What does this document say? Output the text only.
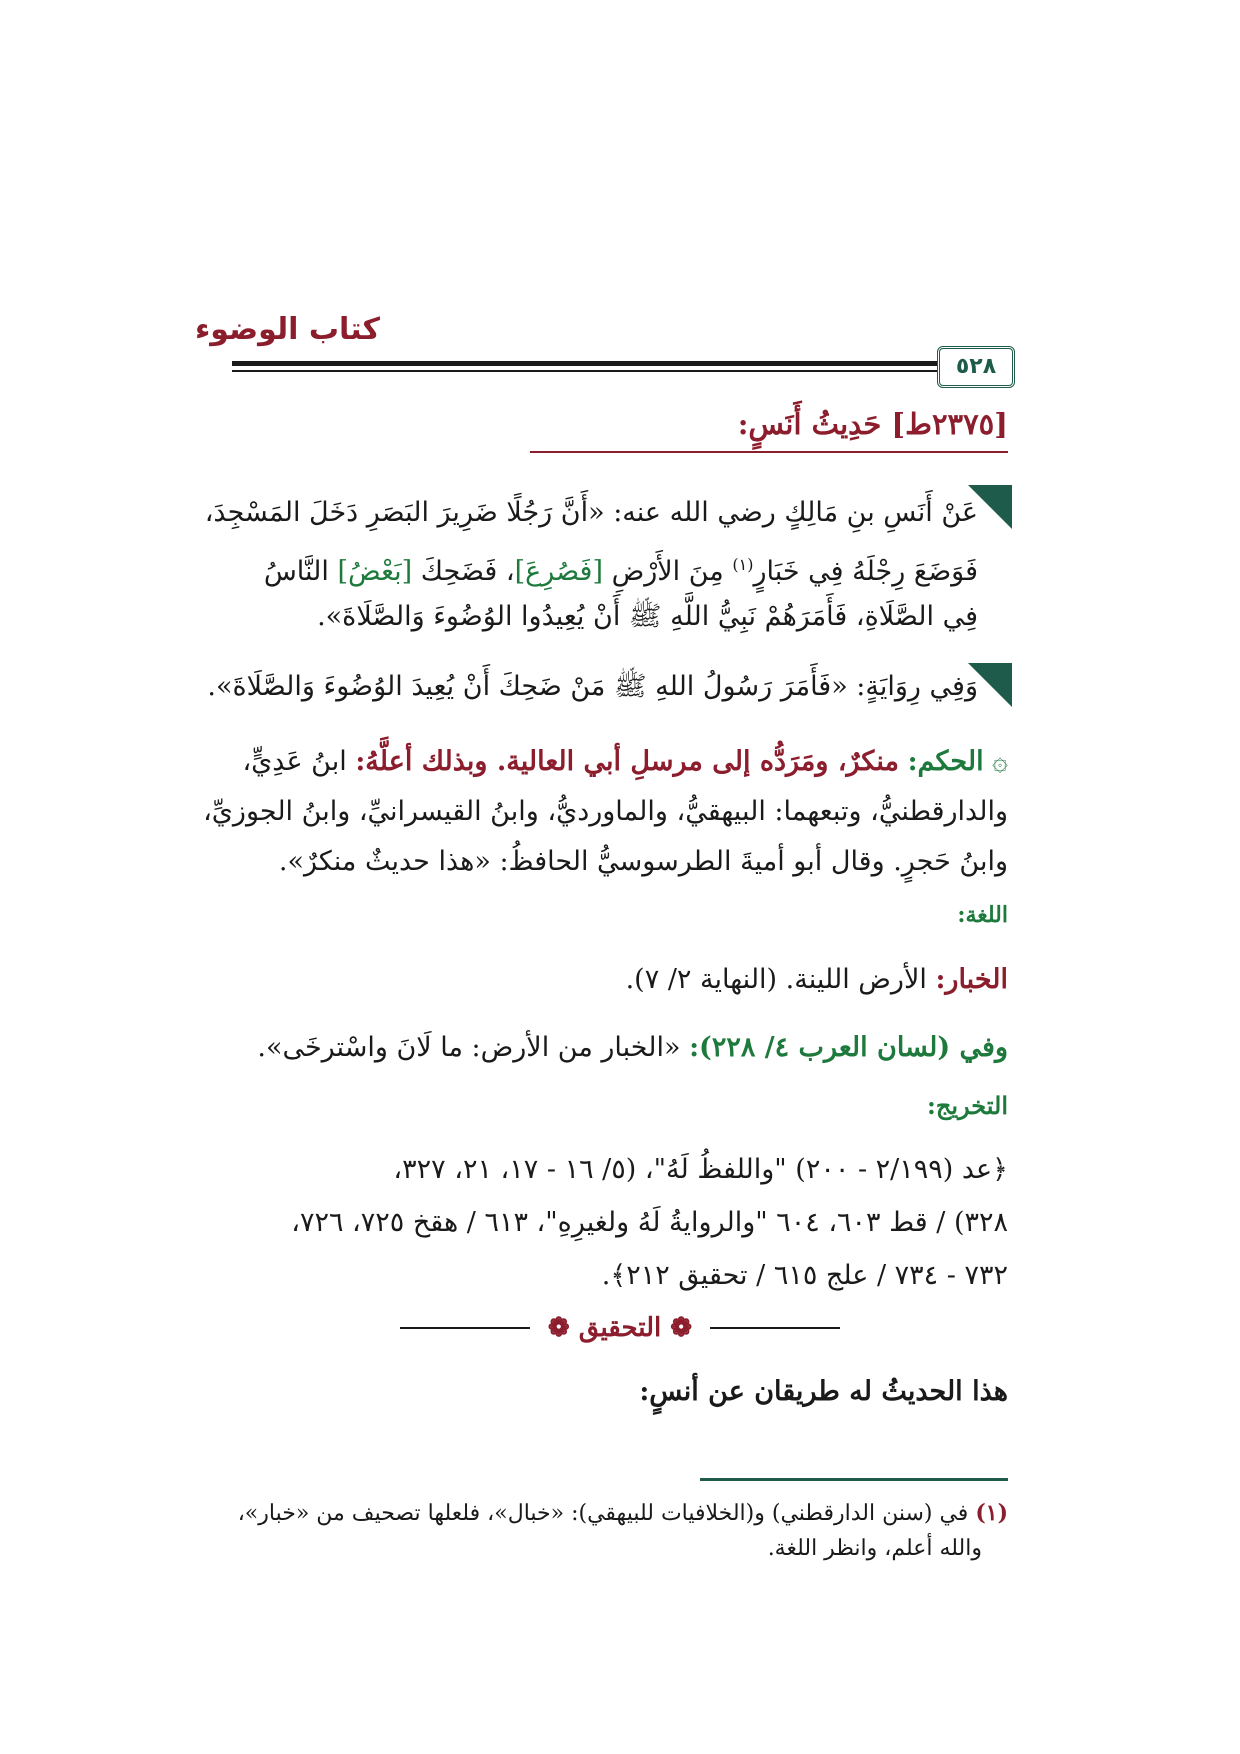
كتاب الوضوء
٥٢٨
[٢٣٧٥ط] حَدِيثُ أَنَسٍ:
عَنْ أَنَسِ بنِ مَالِكٍ رضي الله عنه: «أَنَّ رَجُلًا ضَرِيرَ البَصَرِ دَخَلَ المَسْجِدَ،
فَوَضَعَ رِجْلَهُ فِي خَبَارٍ$^{(١)}$ مِنَ الأَرْضِ [فَصُرِعَ]، فَضَحِكَ [بَعْضُ] النَّاسُ
فِي الصَّلَاةِ، فَأَمَرَهُمْ نَبِيُّ اللَّهِ ﷺ أَنْ يُعِيدُوا الوُضُوءَ وَالصَّلَاةَ».
وَفِي رِوَايَةٍ: «فَأَمَرَ رَسُولُ اللهِ ﷺ مَنْ ضَحِكَ أَنْ يُعِيدَ الوُضُوءَ وَالصَّلَاةَ».
۞ الحكم: منكرٌ، ومَرَدُّه إلى مرسلِ أبي العالية. وبذلك أعلَّهُ: ابنُ عَدِيٍّ،
والدارقطنيُّ، وتبعهما: البيهقيُّ، والماورديُّ، وابنُ القيسرانيِّ، وابنُ الجوزيِّ،
وابنُ حَجرٍ. وقال أبو أميةَ الطرسوسيُّ الحافظُ: «هذا حديثٌ منكرٌ».
اللغة:
الخبار: الأرض اللينة. (النهاية ٢/ ٧).
وفي (لسان العرب ٤/ ٢٢٨): «الخبار من الأرض: ما لَانَ واسْترخَى».
التخريج:
﴿عد (٢/١٩٩ - ٢٠٠) "واللفظُ لَهُ"، (٥/ ١٦ - ١٧، ٢١، ٣٢٧،
٣٢٨) / قط ٦٠٣، ٦٠٤ "والروايةُ لَهُ ولغيرِهِ"، ٦١٣ / هقخ ٧٢٥، ٧٢٦،
٧٣٢ - ٧٣٤ / علج ٦١٥ / تحقيق ٢١٢﴾.
❁ التحقيق ❁
هذا الحديثُ له طريقان عن أنسٍ:
(١) في (سنن الدارقطني) و(الخلافيات للبيهقي): «خبال»، فلعلها تصحيف من «خبار»،
والله أعلم، وانظر اللغة.
